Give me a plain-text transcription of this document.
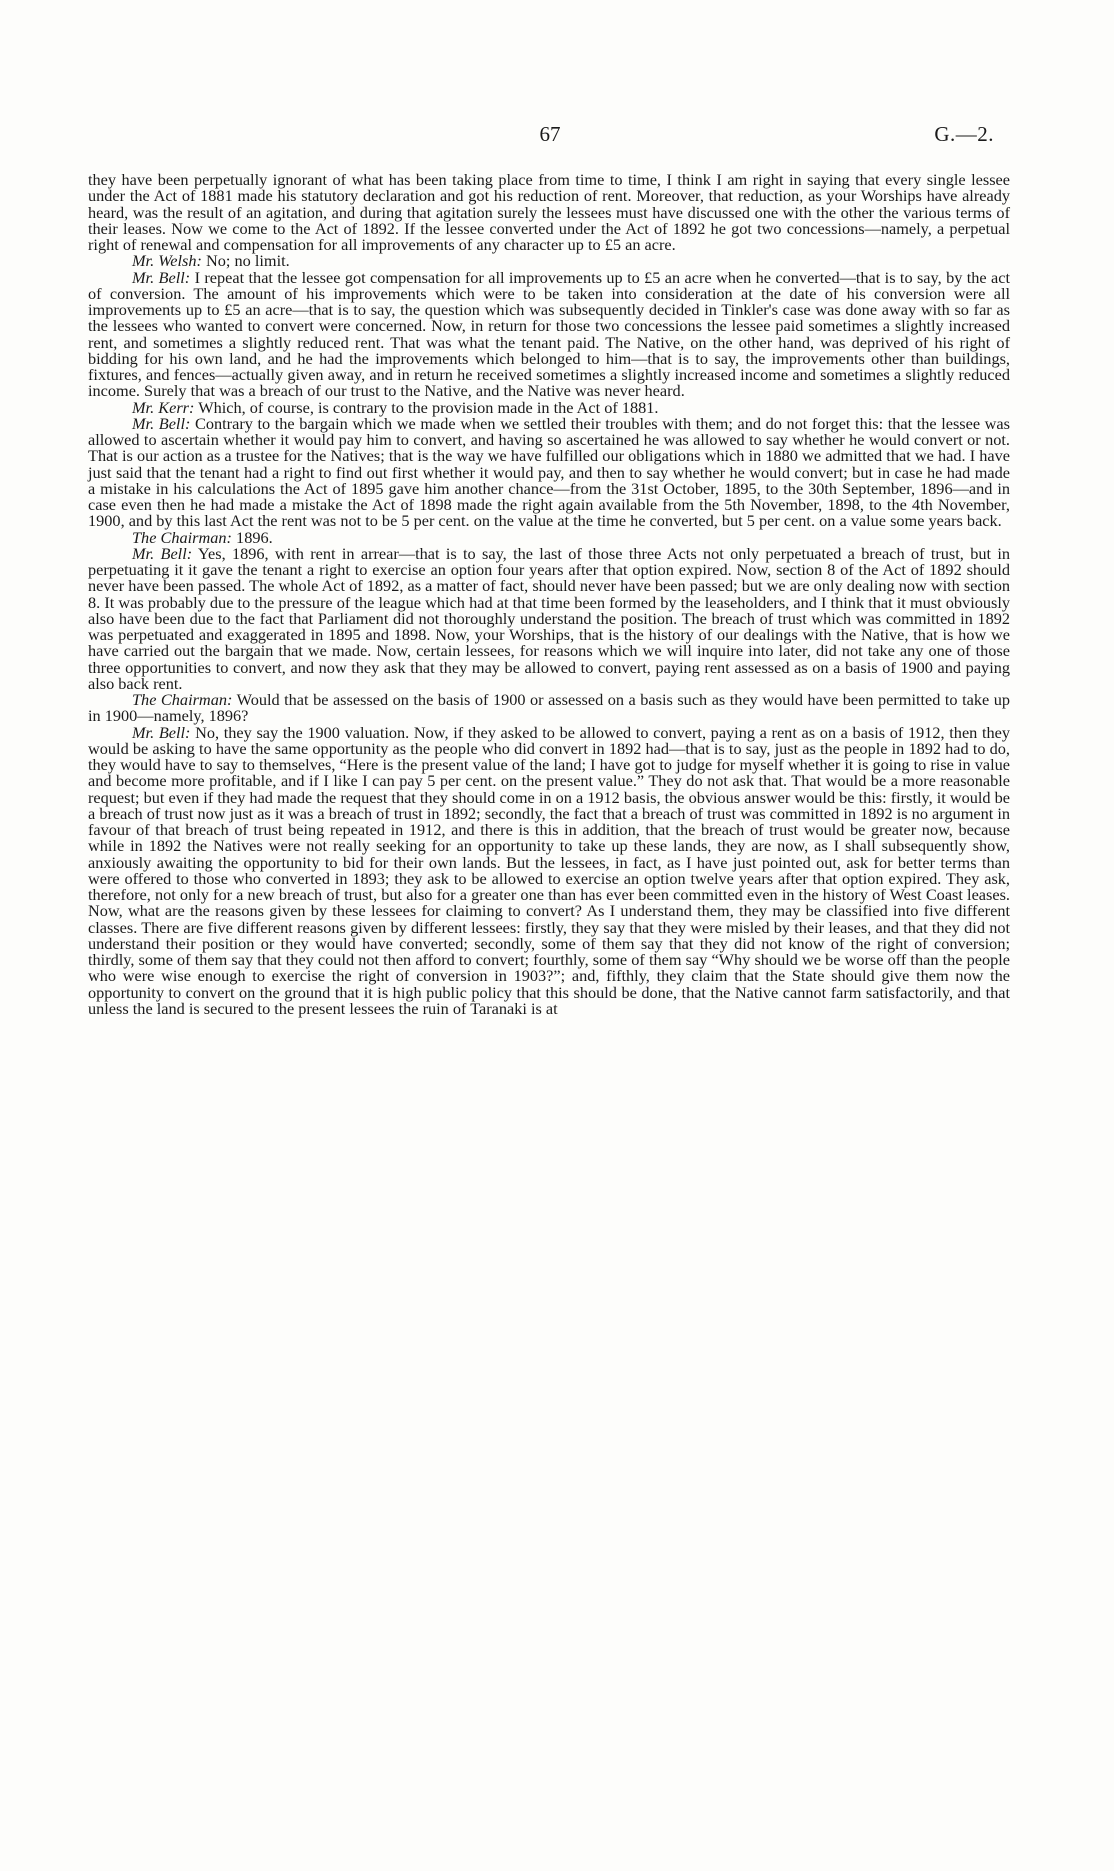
67	G.—2.

they have been perpetually ignorant of what has been taking place from time to time, I think I am right in saying that every single lessee under the Act of 1881 made his statutory declaration and got his reduction of rent. Moreover, that reduction, as your Worships have already heard, was the result of an agitation, and during that agitation surely the lessees must have discussed one with the other the various terms of their leases. Now we come to the Act of 1892. If the lessee converted under the Act of 1892 he got two concessions—namely, a perpetual right of renewal and compensation for all improvements of any character up to £5 an acre.

Mr. Welsh: No; no limit.

Mr. Bell: I repeat that the lessee got compensation for all improvements up to £5 an acre when he converted—that is to say, by the act of conversion. The amount of his improvements which were to be taken into consideration at the date of his conversion were all improvements up to £5 an acre—that is to say, the question which was subsequently decided in Tinkler's case was done away with so far as the lessees who wanted to convert were concerned. Now, in return for those two concessions the lessee paid sometimes a slightly increased rent, and sometimes a slightly reduced rent. That was what the tenant paid. The Native, on the other hand, was deprived of his right of bidding for his own land, and he had the improvements which belonged to him—that is to say, the improvements other than buildings, fixtures, and fences—actually given away, and in return he received sometimes a slightly increased income and sometimes a slightly reduced income. Surely that was a breach of our trust to the Native, and the Native was never heard.

Mr. Kerr: Which, of course, is contrary to the provision made in the Act of 1881.

Mr. Bell: Contrary to the bargain which we made when we settled their troubles with them; and do not forget this: that the lessee was allowed to ascertain whether it would pay him to convert, and having so ascertained he was allowed to say whether he would convert or not. That is our action as a trustee for the Natives; that is the way we have fulfilled our obligations which in 1880 we admitted that we had. I have just said that the tenant had a right to find out first whether it would pay, and then to say whether he would convert; but in case he had made a mistake in his calculations the Act of 1895 gave him another chance—from the 31st October, 1895, to the 30th September, 1896—and in case even then he had made a mistake the Act of 1898 made the right again available from the 5th November, 1898, to the 4th November, 1900, and by this last Act the rent was not to be 5 per cent. on the value at the time he converted, but 5 per cent. on a value some years back.

The Chairman: 1896.

Mr. Bell: Yes, 1896, with rent in arrear—that is to say, the last of those three Acts not only perpetuated a breach of trust, but in perpetuating it it gave the tenant a right to exercise an option four years after that option expired. Now, section 8 of the Act of 1892 should never have been passed. The whole Act of 1892, as a matter of fact, should never have been passed; but we are only dealing now with section 8. It was probably due to the pressure of the league which had at that time been formed by the leaseholders, and I think that it must obviously also have been due to the fact that Parliament did not thoroughly understand the position. The breach of trust which was committed in 1892 was perpetuated and exaggerated in 1895 and 1898. Now, your Worships, that is the history of our dealings with the Native, that is how we have carried out the bargain that we made. Now, certain lessees, for reasons which we will inquire into later, did not take any one of those three opportunities to convert, and now they ask that they may be allowed to convert, paying rent assessed as on a basis of 1900 and paying also back rent.

The Chairman: Would that be assessed on the basis of 1900 or assessed on a basis such as they would have been permitted to take up in 1900—namely, 1896?

Mr. Bell: No, they say the 1900 valuation. Now, if they asked to be allowed to convert, paying a rent as on a basis of 1912, then they would be asking to have the same opportunity as the people who did convert in 1892 had—that is to say, just as the people in 1892 had to do, they would have to say to themselves, “Here is the present value of the land; I have got to judge for myself whether it is going to rise in value and become more profitable, and if I like I can pay 5 per cent. on the present value.” They do not ask that. That would be a more reasonable request; but even if they had made the request that they should come in on a 1912 basis, the obvious answer would be this: firstly, it would be a breach of trust now just as it was a breach of trust in 1892; secondly, the fact that a breach of trust was committed in 1892 is no argument in favour of that breach of trust being repeated in 1912, and there is this in addition, that the breach of trust would be greater now, because while in 1892 the Natives were not really seeking for an opportunity to take up these lands, they are now, as I shall subsequently show, anxiously awaiting the opportunity to bid for their own lands. But the lessees, in fact, as I have just pointed out, ask for better terms than were offered to those who converted in 1893; they ask to be allowed to exercise an option twelve years after that option expired. They ask, therefore, not only for a new breach of trust, but also for a greater one than has ever been committed even in the history of West Coast leases. Now, what are the reasons given by these lessees for claiming to convert? As I understand them, they may be classified into five different classes. There are five different reasons given by different lessees: firstly, they say that they were misled by their leases, and that they did not understand their position or they would have converted; secondly, some of them say that they did not know of the right of conversion; thirdly, some of them say that they could not then afford to convert; fourthly, some of them say “Why should we be worse off than the people who were wise enough to exercise the right of conversion in 1903?”; and, fifthly, they claim that the State should give them now the opportunity to convert on the ground that it is high public policy that this should be done, that the Native cannot farm satisfactorily, and that unless the land is secured to the present lessees the ruin of Taranaki is at
